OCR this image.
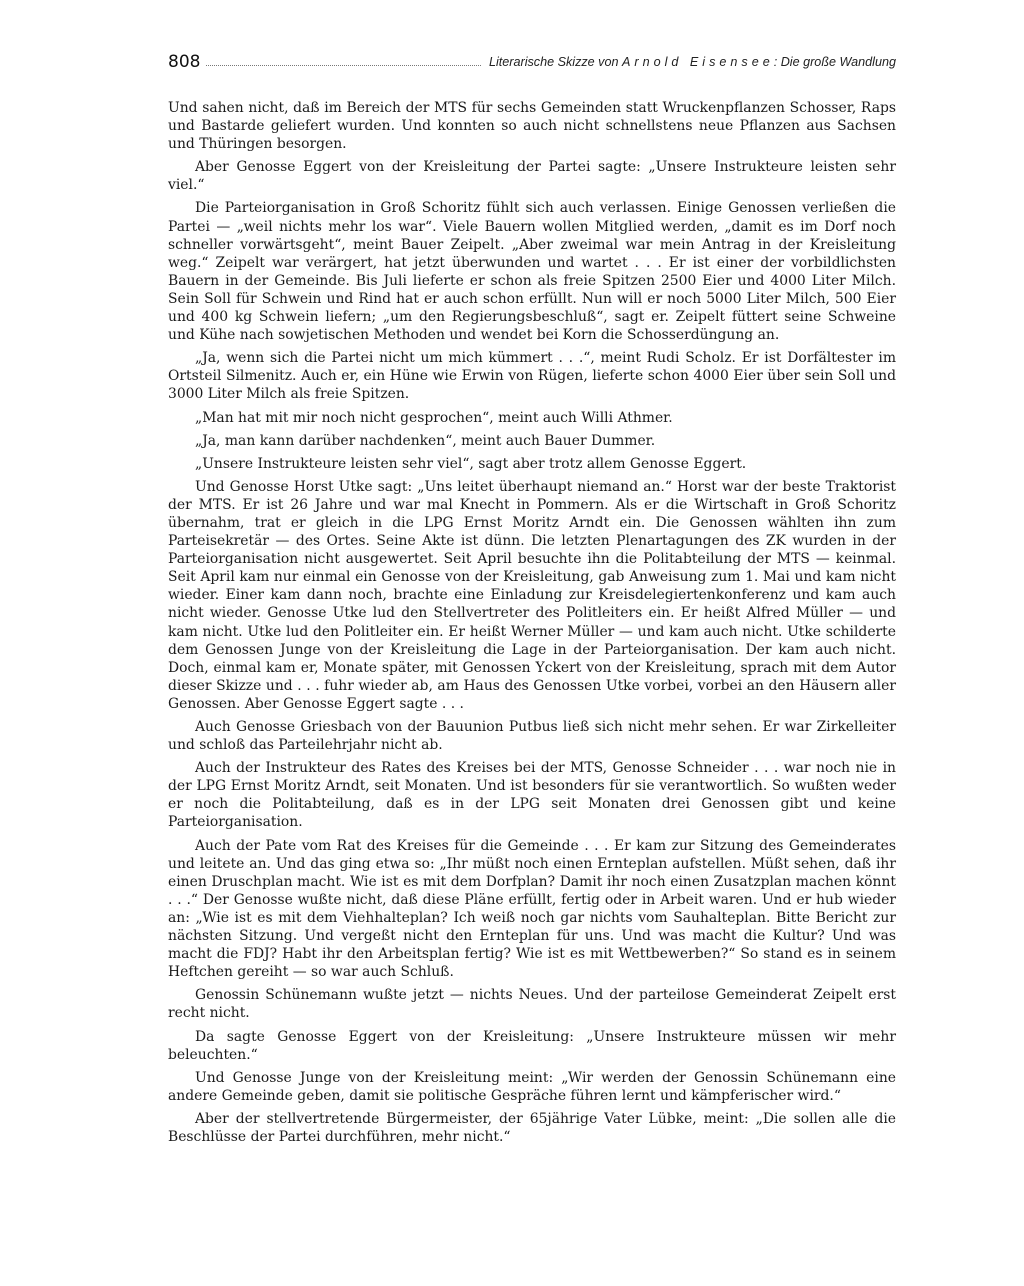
808	Literarische Skizze von Arnold Eisensee: Die große Wandlung

Und sahen nicht, daß im Bereich der MTS für sechs Gemeinden statt Wruckenpflanzen Schosser, Raps und Bastarde geliefert wurden. Und konnten so auch nicht schnellstens neue Pflanzen aus Sachsen und Thüringen besorgen.

Aber Genosse Eggert von der Kreisleitung der Partei sagte: „Unsere Instrukteure leisten sehr viel.“

Die Parteiorganisation in Groß Schoritz fühlt sich auch verlassen. Einige Genossen verließen die Partei — „weil nichts mehr los war“. Viele Bauern wollen Mitglied werden, „damit es im Dorf noch schneller vorwärtsgeht“, meint Bauer Zeipelt. „Aber zweimal war mein Antrag in der Kreisleitung weg.“ Zeipelt war verärgert, hat jetzt überwunden und wartet . . . Er ist einer der vorbildlichsten Bauern in der Gemeinde. Bis Juli lieferte er schon als freie Spitzen 2500 Eier und 4000 Liter Milch. Sein Soll für Schwein und Rind hat er auch schon erfüllt. Nun will er noch 5000 Liter Milch, 500 Eier und 400 kg Schwein liefern; „um den Regierungsbeschluß“, sagt er. Zeipelt füttert seine Schweine und Kühe nach sowjetischen Methoden und wendet bei Korn die Schosserdüngung an.

„Ja, wenn sich die Partei nicht um mich kümmert . . .“, meint Rudi Scholz. Er ist Dorfältester im Ortsteil Silmenitz. Auch er, ein Hüne wie Erwin von Rügen, lieferte schon 4000 Eier über sein Soll und 3000 Liter Milch als freie Spitzen.

„Man hat mit mir noch nicht gesprochen“, meint auch Willi Athmer.

„Ja, man kann darüber nachdenken“, meint auch Bauer Dummer.

„Unsere Instrukteure leisten sehr viel“, sagt aber trotz allem Genosse Eggert.

Und Genosse Horst Utke sagt: „Uns leitet überhaupt niemand an.“ Horst war der beste Traktorist der MTS. Er ist 26 Jahre und war mal Knecht in Pommern. Als er die Wirtschaft in Groß Schoritz übernahm, trat er gleich in die LPG Ernst Moritz Arndt ein. Die Genossen wählten ihn zum Parteisekretär — des Ortes. Seine Akte ist dünn. Die letzten Plenartagungen des ZK wurden in der Parteiorganisation nicht ausgewertet. Seit April besuchte ihn die Politabteilung der MTS — keinmal. Seit April kam nur einmal ein Genosse von der Kreisleitung, gab Anweisung zum 1. Mai und kam nicht wieder. Einer kam dann noch, brachte eine Einladung zur Kreisdelegiertenkonferenz und kam auch nicht wieder. Genosse Utke lud den Stellvertreter des Politleiters ein. Er heißt Alfred Müller — und kam nicht. Utke lud den Politleiter ein. Er heißt Werner Müller — und kam auch nicht. Utke schilderte dem Genossen Junge von der Kreisleitung die Lage in der Parteiorganisation. Der kam auch nicht. Doch, einmal kam er, Monate später, mit Genossen Yckert von der Kreisleitung, sprach mit dem Autor dieser Skizze und . . . fuhr wieder ab, am Haus des Genossen Utke vorbei, vorbei an den Häusern aller Genossen. Aber Genosse Eggert sagte . . .

Auch Genosse Griesbach von der Bauunion Putbus ließ sich nicht mehr sehen. Er war Zirkelleiter und schloß das Parteilehrjahr nicht ab.

Auch der Instrukteur des Rates des Kreises bei der MTS, Genosse Schneider . . . war noch nie in der LPG Ernst Moritz Arndt, seit Monaten. Und ist besonders für sie verantwortlich. So wußten weder er noch die Politabteilung, daß es in der LPG seit Monaten drei Genossen gibt und keine Parteiorganisation.

Auch der Pate vom Rat des Kreises für die Gemeinde . . . Er kam zur Sitzung des Gemeinderates und leitete an. Und das ging etwa so: „Ihr müßt noch einen Ernteplan aufstellen. Müßt sehen, daß ihr einen Druschplan macht. Wie ist es mit dem Dorfplan? Damit ihr noch einen Zusatzplan machen könnt . . .“ Der Genosse wußte nicht, daß diese Pläne erfüllt, fertig oder in Arbeit waren. Und er hub wieder an: „Wie ist es mit dem Viehhalteplan? Ich weiß noch gar nichts vom Sauhalteplan. Bitte Bericht zur nächsten Sitzung. Und vergeßt nicht den Ernteplan für uns. Und was macht die Kultur? Und was macht die FDJ? Habt ihr den Arbeitsplan fertig? Wie ist es mit Wettbewerben?“ So stand es in seinem Heftchen gereiht — so war auch Schluß.

Genossin Schünemann wußte jetzt — nichts Neues. Und der parteilose Gemeinderat Zeipelt erst recht nicht.

Da sagte Genosse Eggert von der Kreisleitung: „Unsere Instrukteure müssen wir mehr beleuchten.“

Und Genosse Junge von der Kreisleitung meint: „Wir werden der Genossin Schünemann eine andere Gemeinde geben, damit sie politische Gespräche führen lernt und kämpferischer wird.“

Aber der stellvertretende Bürgermeister, der 65jährige Vater Lübke, meint: „Die sollen alle die Beschlüsse der Partei durchführen, mehr nicht.“
